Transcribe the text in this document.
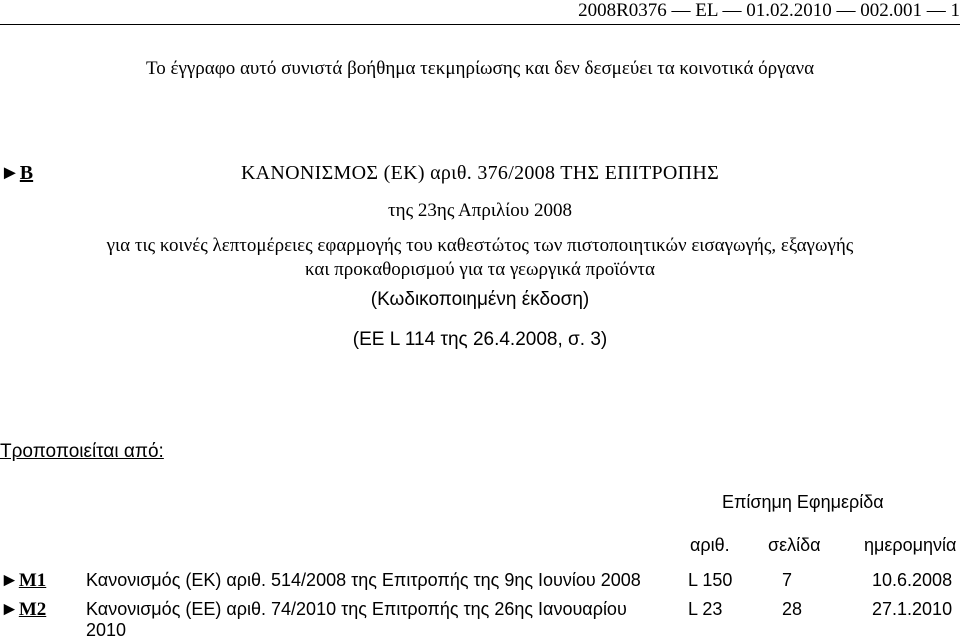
2008R0376 — EL — 01.02.2010 — 002.001 — 1
Το έγγραφο αυτό συνιστά βοήθημα τεκμηρίωσης και δεν δεσμεύει τα κοινοτικά όργανα
ΚΑΝΟΝΙΣΜΟΣ (ΕΚ) αριθ. 376/2008 ΤΗΣ ΕΠΙΤΡΟΠΗΣ
►B
της 23ης Απριλίου 2008
για τις κοινές λεπτομέρειες εφαρμογής του καθεστώτος των πιστοποιητικών εισαγωγής, εξαγωγής
και προκαθορισμού για τα γεωργικά προϊόντα
(Κωδικοποιημένη έκδοση)
(ΕΕ L 114 της 26.4.2008, σ. 3)
Τροποποιείται από:
Επίσημη Εφημερίδα
αριθ. σελίδα ημερομηνία
►M1 Κανονισμός (ΕΚ) αριθ. 514/2008 της Επιτροπής της 9ης Ιουνίου 2008	L 150	7	10.6.2008
►M2 Κανονισμός (ΕΕ) αριθ. 74/2010 της Επιτροπής της 26ης Ιανουαρίου
2010
L 23	28	27.1.2010
